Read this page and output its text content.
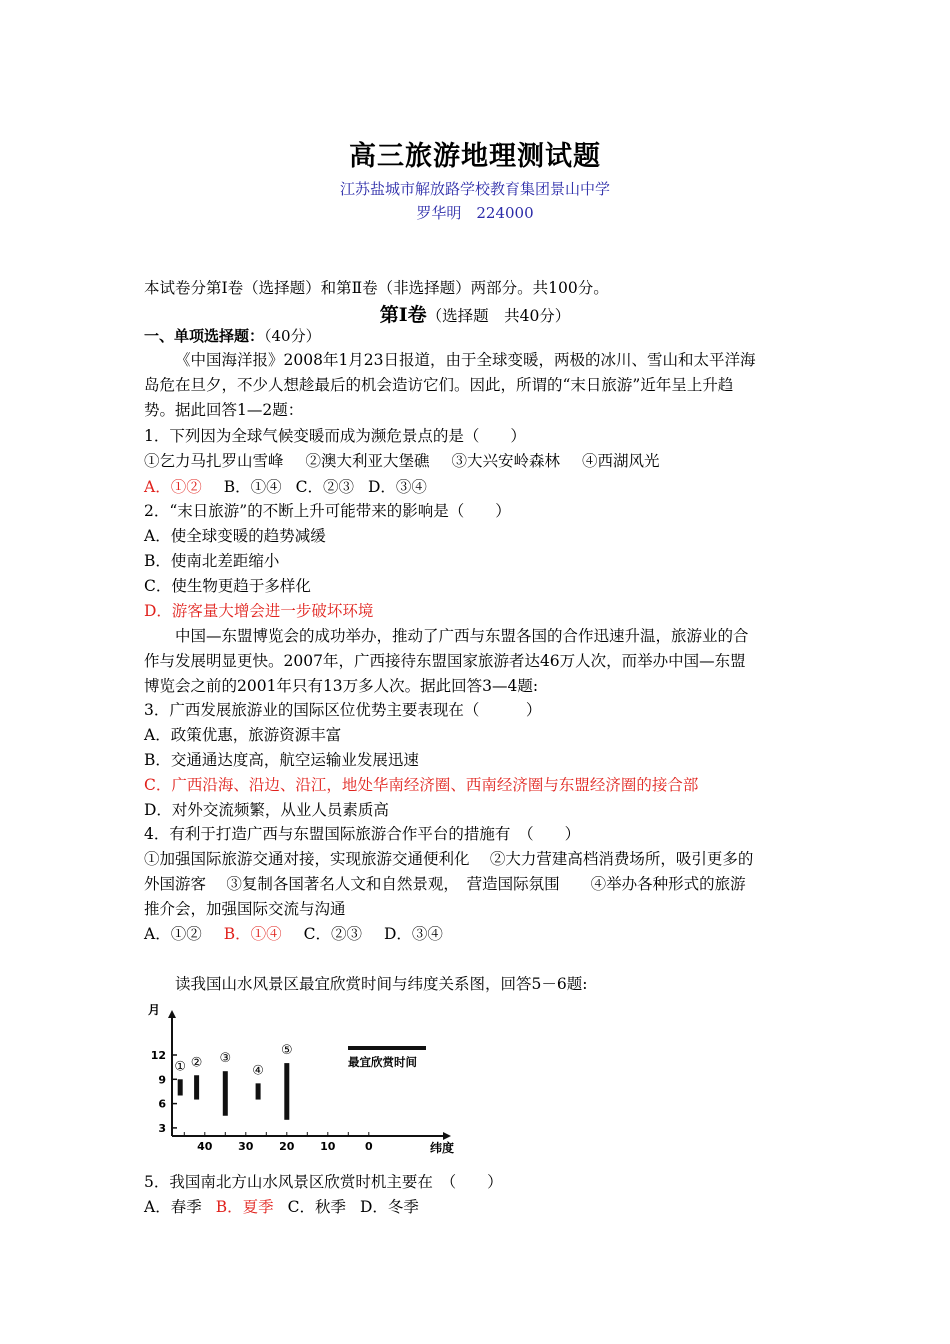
高三旅游地理测试题
江苏盐城市解放路学校教育集团景山中学
罗华明　224000
本试卷分第Ⅰ卷（选择题）和第Ⅱ卷（非选择题）两部分。共100分。
第Ⅰ卷（选择题　共40分）
一、单项选择题：（40分）
《中国海洋报》2008年1月23日报道，由于全球变暖，两极的冰川、雪山和太平洋海
岛危在旦夕，不少人想趁最后的机会造访它们。因此，所谓的“末日旅游”近年呈上升趋
势。据此回答1—2题：
1．下列因为全球气候变暖而成为濒危景点的是（　　）
①乞力马扎罗山雪峰 ②澳大利亚大堡礁 ③大兴安岭森林 ④西湖风光
A．①② B．①④ C．②③ D．③④
2．“末日旅游”的不断上升可能带来的影响是（　　）
A．使全球变暖的趋势减缓
B．使南北差距缩小
C．使生物更趋于多样化
D．游客量大增会进一步破坏环境
中国—东盟博览会的成功举办，推动了广西与东盟各国的合作迅速升温，旅游业的合
作与发展明显更快。2007年，广西接待东盟国家旅游者达46万人次，而举办中国—东盟
博览会之前的2001年只有13万多人次。据此回答3—4题:
3．广西发展旅游业的国际区位优势主要表现在（　　　）
A．政策优惠，旅游资源丰富
B．交通通达度高，航空运输业发展迅速
C．广西沿海、沿边、沿江，地处华南经济圈、西南经济圈与东盟经济圈的接合部
D．对外交流频繁，从业人员素质高
4．有利于打造广西与东盟国际旅游合作平台的措施有　（　　）
①加强国际旅游交通对接，实现旅游交通便利化　 ②大力营建高档消费场所，吸引更多的
外国游客　 ③复制各国著名人文和自然景观，　营造国际氛围　　④举办各种形式的旅游
推介会，加强国际交流与沟通
A．①② B．①④ C．②③ D．③④
读我国山水风景区最宜欣赏时间与纬度关系图，回答5－6题:
月
纬度
3
6
9
12
40 30 20 10	0
① ② ③
④
⑤
最宜欣赏时间
5．我国南北方山水风景区欣赏时机主要在　（　　）
A．春季 B．夏季 C．秋季 D．冬季
